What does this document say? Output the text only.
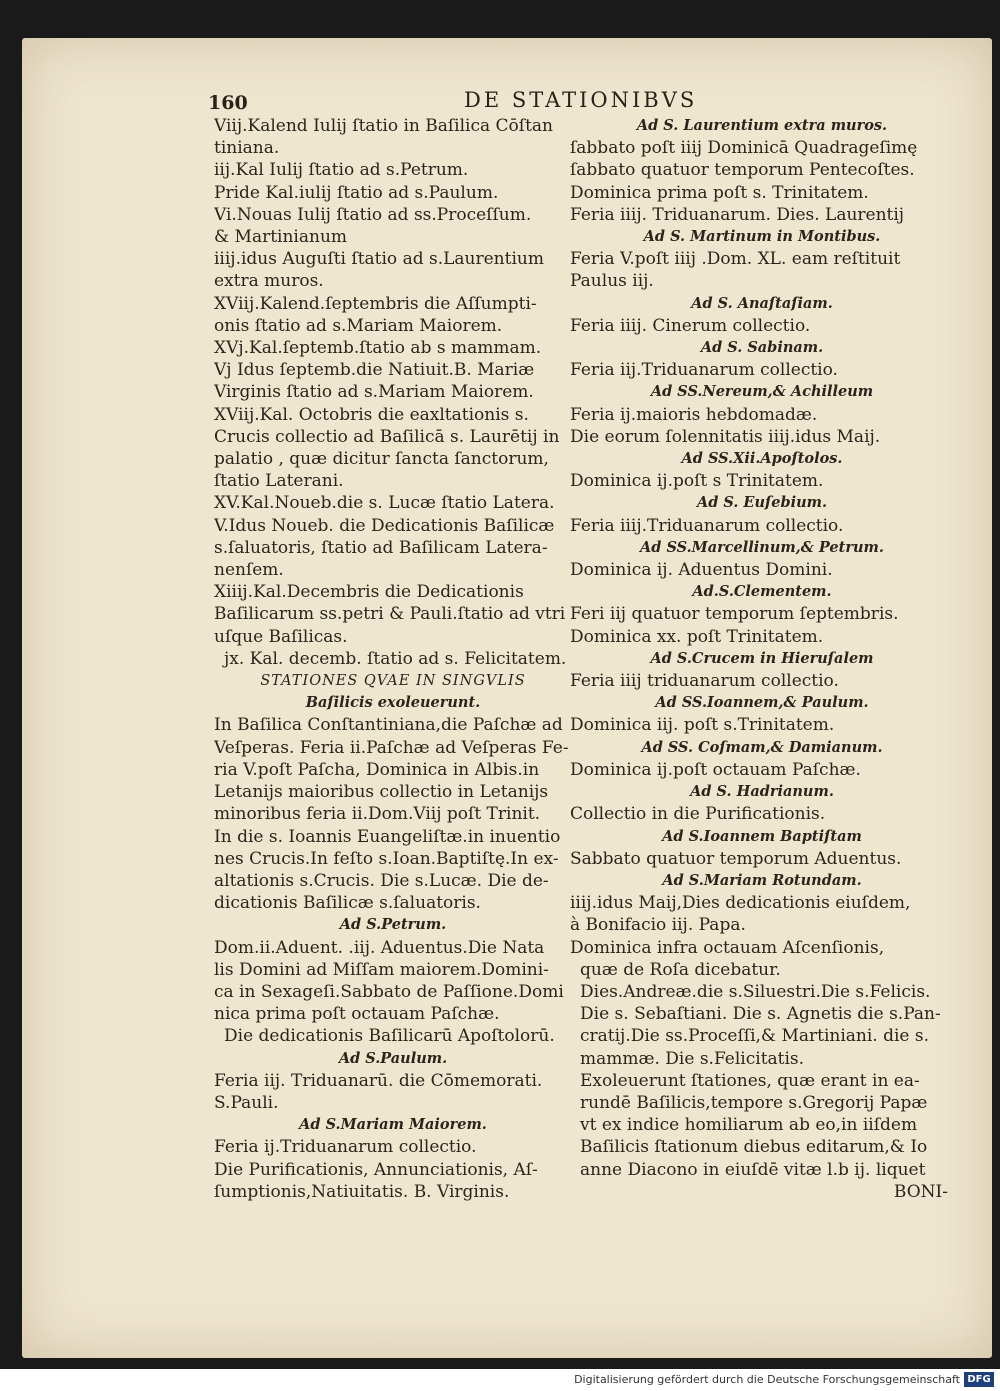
160	DE STATIONIBVS
Viij.Kalend Iulij ſtatio in Baſilica Cōſtan
tiniana.
iij.Kal Iulij ſtatio ad s.Petrum.
Pride Kal.iulij ſtatio ad s.Paulum.
Vi.Nouas Iulij ſtatio ad ss.Proceſſum.
& Martinianum
iiij.idus Auguſti ſtatio ad s.Laurentium
extra muros.
XViij.Kalend.ſeptembris die Aſſumpti-
onis ſtatio ad s.Mariam Maiorem.
XVj.Kal.ſeptemb.ſtatio ab s mammam.
Vj Idus ſeptemb.die Natiuit.B. Mariæ
Virginis ſtatio ad s.Mariam Maiorem.
XViij.Kal. Octobris die eaxltationis s.
Crucis collectio ad Baſilicā s. Laurētij in
palatio , quæ dicitur ſancta ſanctorum,
ſtatio Laterani.
XV.Kal.Noueb.die s. Lucæ ſtatio Latera.
V.Idus Noueb. die Dedicationis Baſilicæ
s.ſaluatoris, ſtatio ad Baſilicam Latera-
nenſem.
Xiiij.Kal.Decembris die Dedicationis
Baſilicarum ss.petri & Pauli.ſtatio ad vtri
uſque Baſilicas.
jx. Kal. decemb. ſtatio ad s. Felicitatem.
STATIONES QVAE IN SINGVLIS
Baſilicis exoleuerunt.
In Baſilica Conſtantiniana,die Paſchæ ad
Veſperas. Feria ii.Paſchæ ad Veſperas Fe-
ria V.poſt Paſcha, Dominica in Albis.in
Letanijs maioribus collectio in Letanijs
minoribus feria ii.Dom.Viij poſt Trinit.
In die s. Ioannis Euangeliſtæ.in inuentio
nes Crucis.In feſto s.Ioan.Baptiſtę.In ex-
altationis s.Crucis. Die s.Lucæ. Die de-
dicationis Baſilicæ s.ſaluatoris.
Ad S.Petrum.
Dom.ii.Aduent. .iij. Aduentus.Die Nata
lis Domini ad Miſſam maiorem.Domini-
ca in Sexageſi.Sabbato de Paſſione.Domi
nica prima poſt octauam Paſchæ.
Die dedicationis Baſilicarū Apoſtolorū.
Ad S.Paulum.
Feria iij. Triduanarū. die Cōmemorati.
S.Pauli.
Ad S.Mariam Maiorem.
Feria ij.Triduanarum collectio.
Die Purificationis, Annunciationis, Aſ-
ſumptionis,Natiuitatis. B. Virginis.
Ad S. Laurentium extra muros.
ſabbato poſt iiij Dominicā Quadrageſimę
ſabbato quatuor temporum Pentecoſtes.
Dominica prima poſt s. Trinitatem.
Feria iiij. Triduanarum. Dies. Laurentij
Ad S. Martinum in Montibus.
Feria V.poſt iiij .Dom. XL. eam reſtituit
Paulus iij.
Ad S. Anaſtaſiam.
Feria iiij. Cinerum collectio.
Ad S. Sabinam.
Feria iij.Triduanarum collectio.
Ad SS.Nereum,& Achilleum
Feria ij.maioris hebdomadæ.
Die eorum ſolennitatis iiij.idus Maij.
Ad SS.Xii.Apoſtolos.
Dominica ij.poſt s Trinitatem.
Ad S. Euſebium.
Feria iiij.Triduanarum collectio.
Ad SS.Marcellinum,& Petrum.
Dominica ij. Aduentus Domini.
Ad.S.Clementem.
Feri iij quatuor temporum ſeptembris.
Dominica xx. poſt Trinitatem.
Ad S.Crucem in Hieruſalem
Feria iiij triduanarum collectio.
Ad SS.Ioannem,& Paulum.
Dominica iij. poſt s.Trinitatem.
Ad SS. Coſmam,& Damianum.
Dominica ij.poſt octauam Paſchæ.
Ad S. Hadrianum.
Collectio in die Purificationis.
Ad S.Ioannem Baptiſtam
Sabbato quatuor temporum Aduentus.
Ad S.Mariam Rotundam.
iiij.idus Maij,Dies dedicationis eiuſdem,
à Bonifacio iij. Papa.
Dominica infra octauam Aſcenſionis,
quæ de Roſa dicebatur.
Dies.Andreæ.die s.Siluestri.Die s.Felicis.
Die s. Sebaſtiani. Die s. Agnetis die s.Pan-
cratij.Die ss.Proceſſi,& Martiniani. die s.
mammæ. Die s.Felicitatis.
Exoleuerunt ſtationes, quæ erant in ea-
rundē Baſilicis,tempore s.Gregorij Papæ
vt ex indice homiliarum ab eo,in iiſdem
Baſilicis ſtationum diebus editarum,& Io
anne Diacono in eiuſdē vitæ l.b ij. liquet
BONI-
Digitalisierung gefördert durch die Deutsche Forschungsgemeinschaft DFG
